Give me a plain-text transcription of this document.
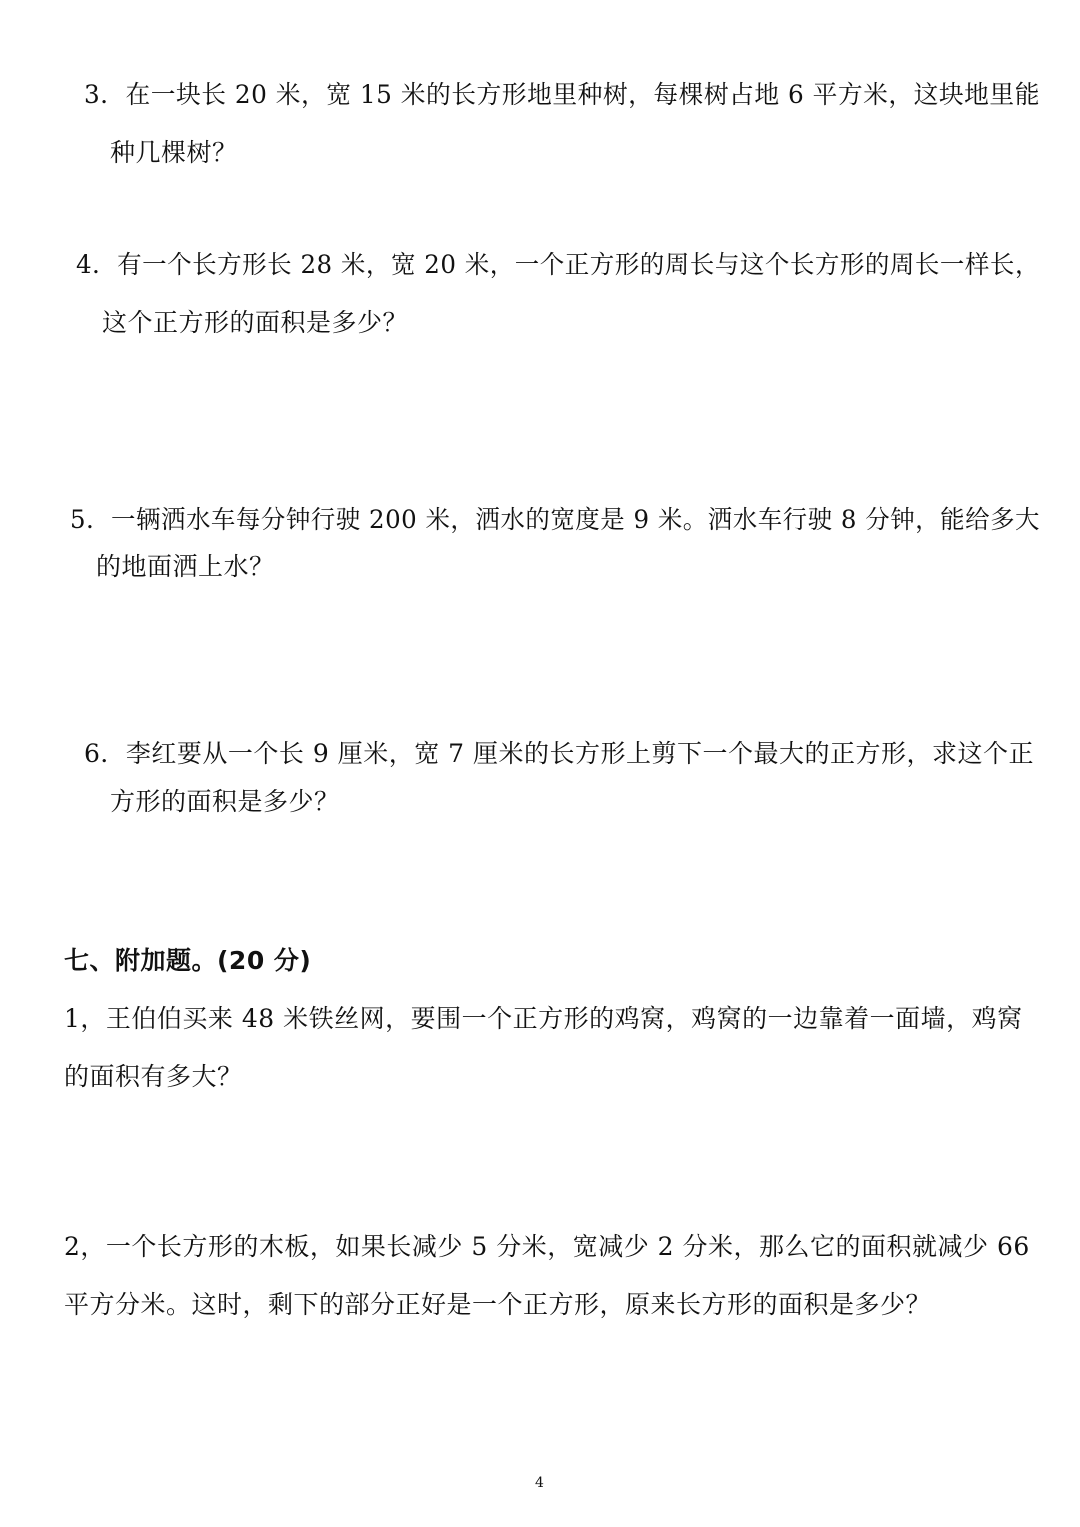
3．在一块长 20 米，宽 15 米的长方形地里种树，每棵树占地 6 平方米，这块地里能
种几棵树？
4．有一个长方形长 28 米，宽 20 米，一个正方形的周长与这个长方形的周长一样长，
这个正方形的面积是多少？
5．一辆洒水车每分钟行驶 200 米，洒水的宽度是 9 米。洒水车行驶 8 分钟，能给多大
的地面洒上水？
6．李红要从一个长 9 厘米，宽 7 厘米的长方形上剪下一个最大的正方形，求这个正
方形的面积是多少？
七、附加题。(20 分)
1，王伯伯买来 48 米铁丝网，要围一个正方形的鸡窝，鸡窝的一边靠着一面墙，鸡窝
的面积有多大？
2，一个长方形的木板，如果长减少 5 分米，宽减少 2 分米，那么它的面积就减少 66
平方分米。这时，剩下的部分正好是一个正方形，原来长方形的面积是多少？
4
